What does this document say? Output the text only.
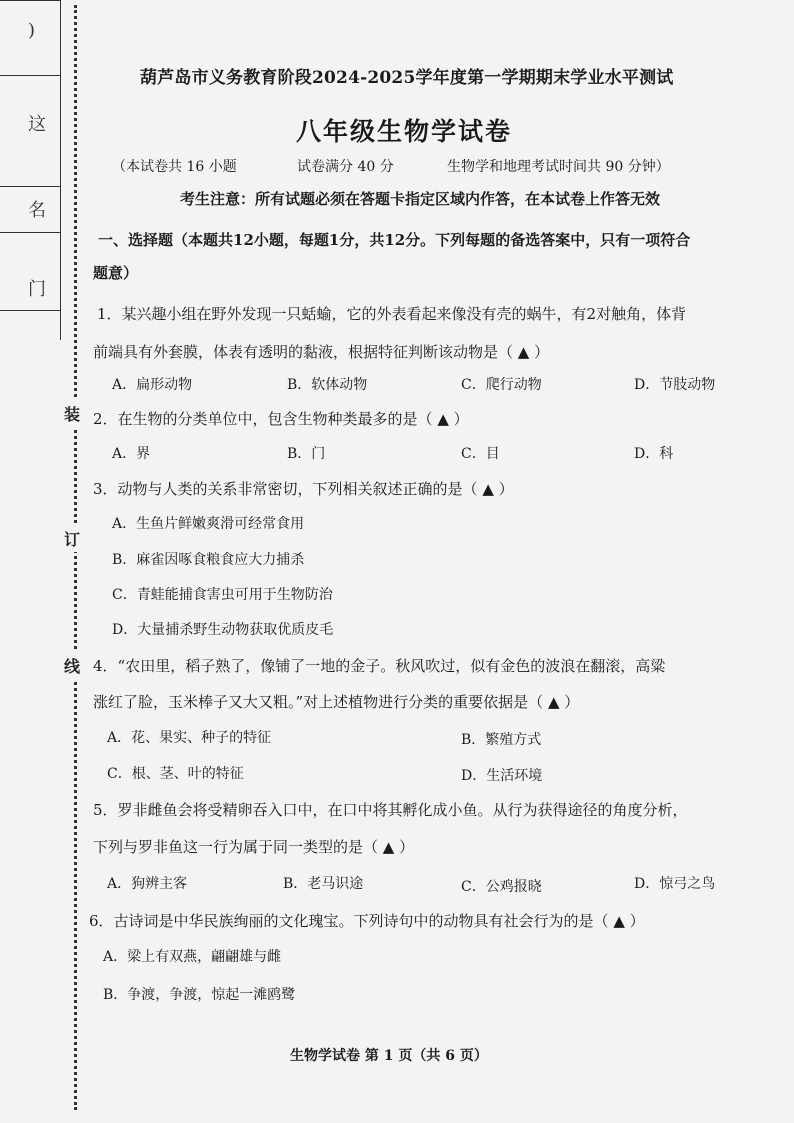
)
这
名
门
装
订
线
葫芦岛市义务教育阶段2024-2025学年度第一学期期末学业水平测试
八年级生物学试卷
（本试卷共 16 小题	试卷满分 40 分	生物学和地理考试时间共 90 分钟）
考生注意：所有试题必须在答题卡指定区域内作答，在本试卷上作答无效
一、选择题（本题共12小题，每题1分，共12分。下列每题的备选答案中，只有一项符合
题意）
1．某兴趣小组在野外发现一只蛞蝓，它的外表看起来像没有壳的蜗牛，有2对触角，体背
前端具有外套膜，体表有透明的黏液，根据特征判断该动物是（ ▲ ）
A．扁形动物	B．软体动物	C．爬行动物	D．节肢动物
2．在生物的分类单位中，包含生物种类最多的是（ ▲ ）
A．界	B．门	C．目	D．科
3．动物与人类的关系非常密切，下列相关叙述正确的是（ ▲ ）
A．生鱼片鲜嫩爽滑可经常食用
B．麻雀因啄食粮食应大力捕杀
C．青蛙能捕食害虫可用于生物防治
D．大量捕杀野生动物获取优质皮毛
4．“农田里，稻子熟了，像铺了一地的金子。秋风吹过，似有金色的波浪在翻滚，高粱
涨红了脸，玉米棒子又大又粗。”对上述植物进行分类的重要依据是（ ▲ ）
A．花、果实、种子的特征	B．繁殖方式
C．根、茎、叶的特征	D．生活环境
5．罗非雌鱼会将受精卵吞入口中，在口中将其孵化成小鱼。从行为获得途径的角度分析，
下列与罗非鱼这一行为属于同一类型的是（ ▲ ）
A．狗辨主客	B．老马识途	C．公鸡报晓	D．惊弓之鸟
6．古诗词是中华民族绚丽的文化瑰宝。下列诗句中的动物具有社会行为的是（ ▲ ）
A．梁上有双燕，翩翩雄与雌
B．争渡，争渡，惊起一滩鸥鹭
生物学试卷 第 1 页（共 6 页）
